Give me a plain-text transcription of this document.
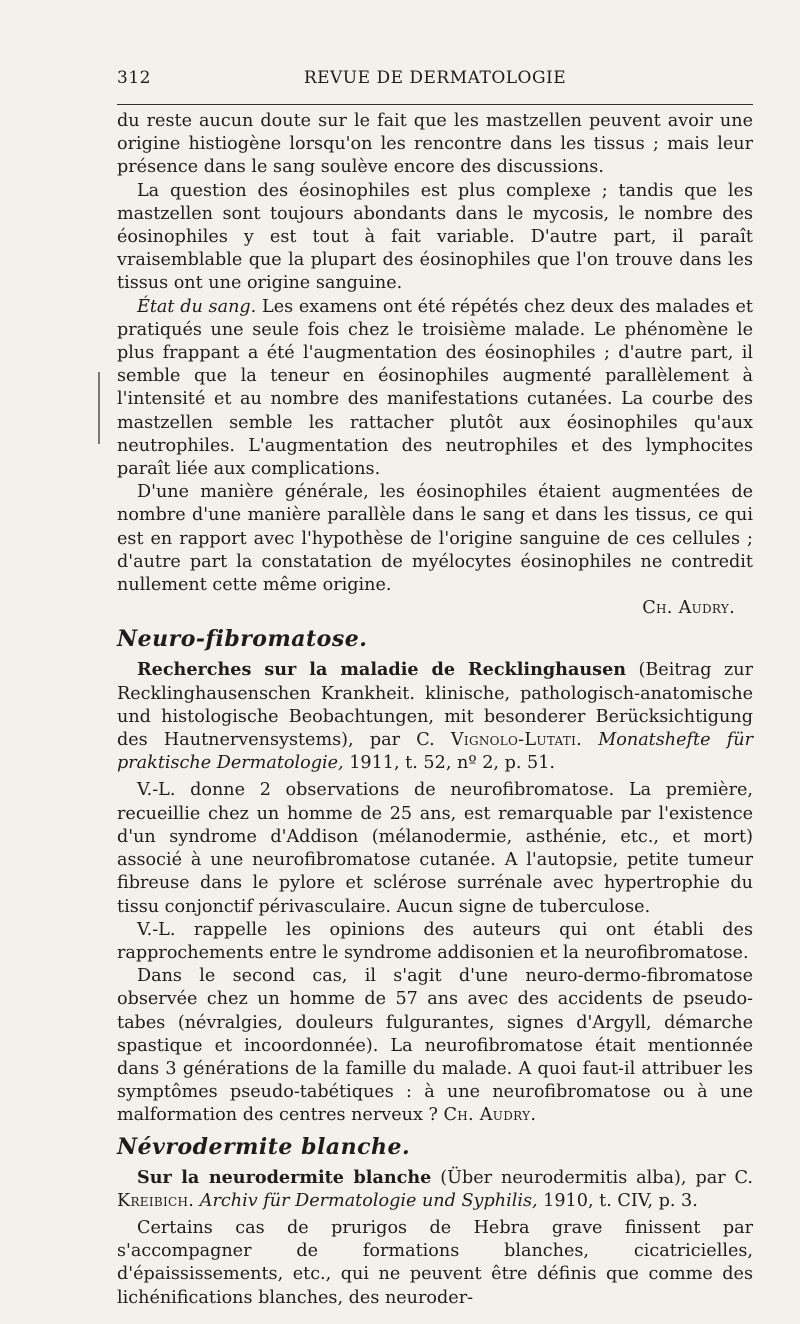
312	REVUE DE DERMATOLOGIE

du reste aucun doute sur le fait que les mastzellen peuvent avoir une origine histiogène lorsqu'on les rencontre dans les tissus ; mais leur présence dans le sang soulève encore des discussions.

La question des éosinophiles est plus complexe ; tandis que les mastzellen sont toujours abondants dans le mycosis, le nombre des éosinophiles y est tout à fait variable. D'autre part, il paraît vraisemblable que la plupart des éosinophiles que l'on trouve dans les tissus ont une origine sanguine.

État du sang. Les examens ont été répétés chez deux des malades et pratiqués une seule fois chez le troisième malade. Le phénomène le plus frappant a été l'augmentation des éosinophiles ; d'autre part, il semble que la teneur en éosinophiles augmenté parallèlement à l'intensité et au nombre des manifestations cutanées. La courbe des mastzellen semble les rattacher plutôt aux éosinophiles qu'aux neutrophiles. L'augmentation des neutrophiles et des lymphocites paraît liée aux complications.

D'une manière générale, les éosinophiles étaient augmentées de nombre d'une manière parallèle dans le sang et dans les tissus, ce qui est en rapport avec l'hypothèse de l'origine sanguine de ces cellules ; d'autre part la constatation de myélocytes éosinophiles ne contredit nullement cette même origine.

Ch. Audry.
Neuro-fibromatose.

Recherches sur la maladie de Recklinghausen (Beitrag zur Recklinghausenschen Krankheit. klinische, pathologisch-anatomische und histologische Beobachtungen, mit besonderer Berücksichtigung des Hautnervensystems), par C. Vignolo-Lutati. Monatshefte für praktische Dermatologie, 1911, t. 52, nº 2, p. 51.

V.-L. donne 2 observations de neurofibromatose. La première, recueillie chez un homme de 25 ans, est remarquable par l'existence d'un syndrome d'Addison (mélanodermie, asthénie, etc., et mort) associé à une neurofibromatose cutanée. A l'autopsie, petite tumeur fibreuse dans le pylore et sclérose surrénale avec hypertrophie du tissu conjonctif périvasculaire. Aucun signe de tuberculose.

V.-L. rappelle les opinions des auteurs qui ont établi des rapprochements entre le syndrome addisonien et la neurofibromatose.

Dans le second cas, il s'agit d'une neuro-dermo-fibromatose observée chez un homme de 57 ans avec des accidents de pseudo-tabes (névralgies, douleurs fulgurantes, signes d'Argyll, démarche spastique et incoordonnée). La neurofibromatose était mentionnée dans 3 générations de la famille du malade. A quoi faut-il attribuer les symptômes pseudo-tabétiques : à une neurofibromatose ou à une malformation des centres nerveux ? Ch. Audry.

Névrodermite blanche.

Sur la neurodermite blanche (Über neurodermitis alba), par C. Kreibich. Archiv für Dermatologie und Syphilis, 1910, t. CIV, p. 3.

Certains cas de prurigos de Hebra grave finissent par s'accompagner de formations blanches, cicatricielles, d'épaississements, etc., qui ne peuvent être définis que comme des lichénifications blanches, des neuroder-
